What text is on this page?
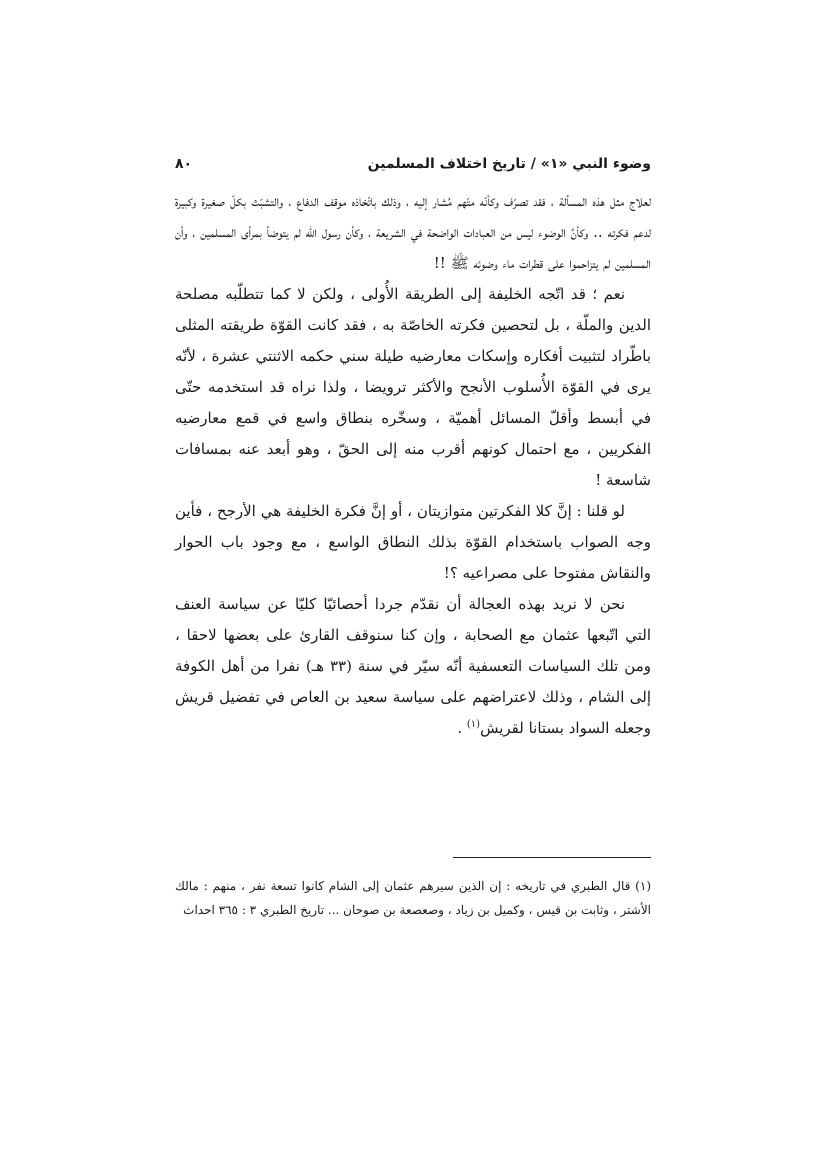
وضوء النبي «١» / تاريخ اختلاف المسلمين
٨٠

لعلاج مثل هذه المسألة ، فقد تصرّف وكأنّه متّهم مُشار إليه ، وذلك باتّخاذه موقف الدفاع ، والتشبّث بكلّ صغيرة وكبيرة لدعم فكرته .. وكأنَّ الوضوء ليس من العبادات الواضحة في الشريعة ، وكأن رسول الله لم يتوضأ بمرأى المسلمين ، وأن المسلمين لم يتزاحموا على قطرات ماء وضوئه ﷺ !!

نعم ؛ قد اتّجه الخليفة إلى الطريقة الأُولى ، ولكن لا كما تتطلّبه مصلحة الدين والملّة ، بل لتحصين فكرته الخاصّة به ، فقد كانت القوّة طريقته المثلى باطّراد لتثبيت أفكاره وإسكات معارضيه طيلة سني حكمه الاثنتي عشرة ، لأنّه يرى في القوّة الأُسلوب الأنجح والأكثر ترويضا ، ولذا نراه قد استخدمه حتّى في أبسط وأقلّ المسائل أهميّة ، وسخّره بنطاق واسع في قمع معارضيه الفكريين ، مع احتمال كونهم أقرب منه إلى الحقّ ، وهو أبعد عنه بمسافات شاسعة !

لو قلنا : إنَّ كلا الفكرتين متوازيتان ، أو إنَّ فكرة الخليفة هي الأرجح ، فأين وجه الصواب باستخدام القوّة بذلك النطاق الواسع ، مع وجود باب الحوار والنقاش مفتوحا على مصراعيه ؟!

نحن لا نريد بهذه العجالة أن نقدّم جردا أحصائيّا كليّا عن سياسة العنف التي اتّبعها عثمان مع الصحابة ، وإن كنا سنوقف القارئ على بعضها لاحقا ، ومن تلك السياسات التعسفية أنّه سيّر في سنة (٣٣ هـ) نفرا من أهل الكوفة إلى الشام ، وذلك لاعتراضهم على سياسة سعيد بن العاص في تفضيل قريش وجعله السواد بستانا لقريش$^{(١)}$ .

(١) قال الطبري في تاريخه : إن الذين سيرهم عثمان إلى الشام كانوا تسعة نفر ، منهم : مالك الأشتر ، وثابت بن قيس ، وكميل بن زياد ، وصعصعة بن صوحان ... تاريخ الطبري ٣ : ٣٦٥ احداث
